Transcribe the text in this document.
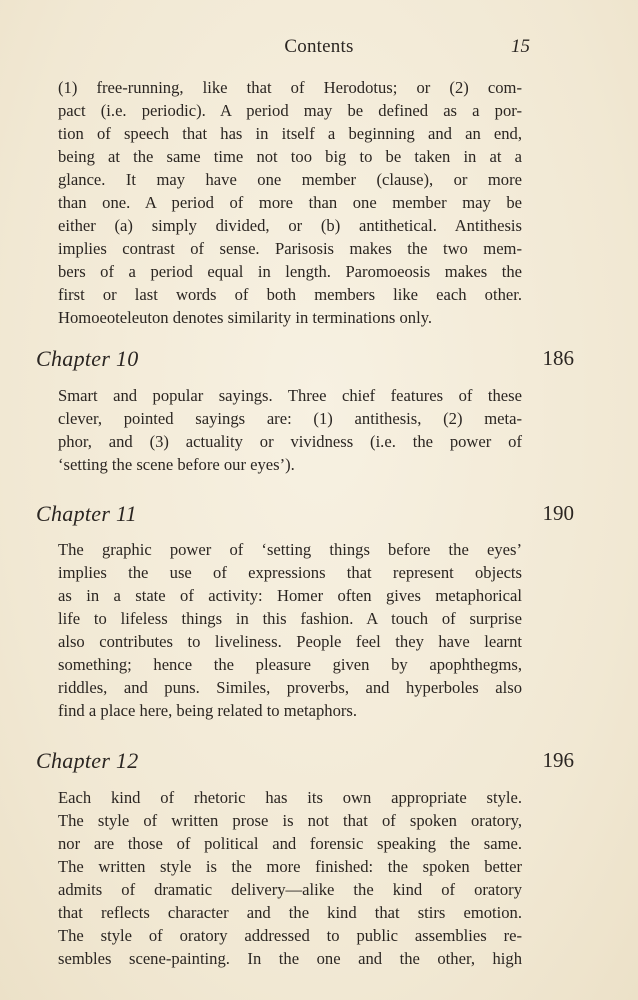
Contents	15

(1) free-running, like that of Herodotus; or (2) com-
pact (i.e. periodic). A period may be defined as a por-
tion of speech that has in itself a beginning and an end,
being at the same time not too big to be taken in at a
glance. It may have one member (clause), or more
than one. A period of more than one member may be
either (a) simply divided, or (b) antithetical. Antithesis
implies contrast of sense. Parisosis makes the two mem-
bers of a period equal in length. Paromoeosis makes the
first or last words of both members like each other.
Homoeoteleuton denotes similarity in terminations only.

Chapter 10	186

Smart and popular sayings. Three chief features of these
clever, pointed sayings are: (1) antithesis, (2) meta-
phor, and (3) actuality or vividness (i.e. the power of
‘setting the scene before our eyes’).

Chapter 11	190

The graphic power of ‘setting things before the eyes’
implies the use of expressions that represent objects
as in a state of activity: Homer often gives metaphorical
life to lifeless things in this fashion. A touch of surprise
also contributes to liveliness. People feel they have learnt
something; hence the pleasure given by apophthegms,
riddles, and puns. Similes, proverbs, and hyperboles also
find a place here, being related to metaphors.

Chapter 12	196

Each kind of rhetoric has its own appropriate style.
The style of written prose is not that of spoken oratory,
nor are those of political and forensic speaking the same.
The written style is the more finished: the spoken better
admits of dramatic delivery—alike the kind of oratory
that reflects character and the kind that stirs emotion.
The style of oratory addressed to public assemblies re-
sembles scene-painting. In the one and the other, high
